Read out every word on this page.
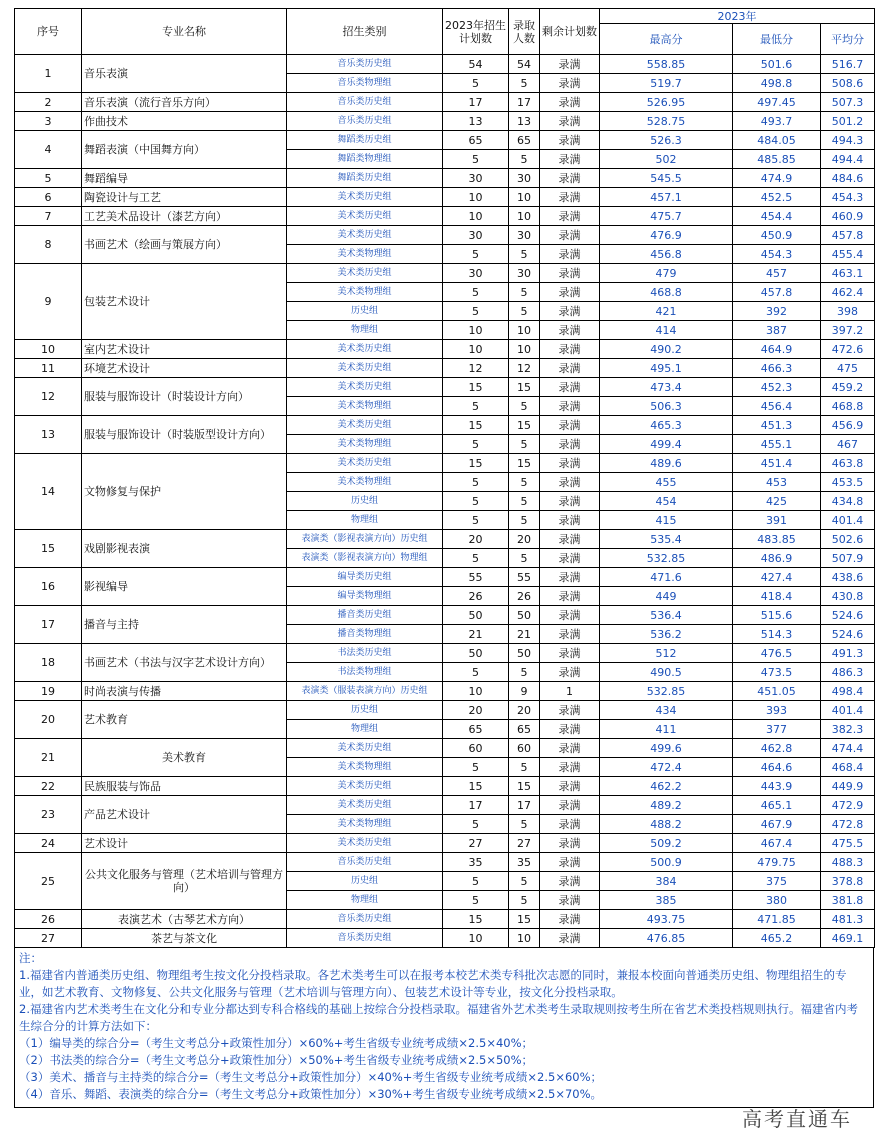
序号	专业名称	招生类别	2023年招生计划数	录取人数	剩余计划数	2023年		
						最高分	最低分	平均分
1	音乐表演	音乐类历史组	54	54	录满	558.85	501.6	516.7
		音乐类物理组	5	5	录满	519.7	498.8	508.6
2	音乐表演（流行音乐方向）	音乐类历史组	17	17	录满	526.95	497.45	507.3
3	作曲技术	音乐类历史组	13	13	录满	528.75	493.7	501.2
4	舞蹈表演（中国舞方向）	舞蹈类历史组	65	65	录满	526.3	484.05	494.3
		舞蹈类物理组	5	5	录满	502	485.85	494.4
5	舞蹈编导	舞蹈类历史组	30	30	录满	545.5	474.9	484.6
6	陶瓷设计与工艺	美术类历史组	10	10	录满	457.1	452.5	454.3
7	工艺美术品设计（漆艺方向）	美术类历史组	10	10	录满	475.7	454.4	460.9
8	书画艺术（绘画与策展方向）	美术类历史组	30	30	录满	476.9	450.9	457.8
		美术类物理组	5	5	录满	456.8	454.3	455.4
9	包装艺术设计	美术类历史组	30	30	录满	479	457	463.1
		美术类物理组	5	5	录满	468.8	457.8	462.4
		历史组	5	5	录满	421	392	398
		物理组	10	10	录满	414	387	397.2
10	室内艺术设计	美术类历史组	10	10	录满	490.2	464.9	472.6
11	环境艺术设计	美术类历史组	12	12	录满	495.1	466.3	475
12	服装与服饰设计（时装设计方向）	美术类历史组	15	15	录满	473.4	452.3	459.2
		美术类物理组	5	5	录满	506.3	456.4	468.8
13	服装与服饰设计（时装版型设计方向）	美术类历史组	15	15	录满	465.3	451.3	456.9
		美术类物理组	5	5	录满	499.4	455.1	467
14	文物修复与保护	美术类历史组	15	15	录满	489.6	451.4	463.8
		美术类物理组	5	5	录满	455	453	453.5
		历史组	5	5	录满	454	425	434.8
		物理组	5	5	录满	415	391	401.4
15	戏剧影视表演	表演类（影视表演方向）历史组	20	20	录满	535.4	483.85	502.6
		表演类（影视表演方向）物理组	5	5	录满	532.85	486.9	507.9
16	影视编导	编导类历史组	55	55	录满	471.6	427.4	438.6
		编导类物理组	26	26	录满	449	418.4	430.8
17	播音与主持	播音类历史组	50	50	录满	536.4	515.6	524.6
		播音类物理组	21	21	录满	536.2	514.3	524.6
18	书画艺术（书法与汉字艺术设计方向）	书法类历史组	50	50	录满	512	476.5	491.3
		书法类物理组	5	5	录满	490.5	473.5	486.3
19	时尚表演与传播	表演类（服装表演方向）历史组	10	9	1	532.85	451.05	498.4
20	艺术教育	历史组	20	20	录满	434	393	401.4
		物理组	65	65	录满	411	377	382.3
21	美术教育	美术类历史组	60	60	录满	499.6	462.8	474.4
		美术类物理组	5	5	录满	472.4	464.6	468.4
22	民族服装与饰品	美术类历史组	15	15	录满	462.2	443.9	449.9
23	产品艺术设计	美术类历史组	17	17	录满	489.2	465.1	472.9
		美术类物理组	5	5	录满	488.2	467.9	472.8
24	艺术设计	美术类历史组	27	27	录满	509.2	467.4	475.5
25	公共文化服务与管理（艺术培训与管理方向）	音乐类历史组	35	35	录满	500.9	479.75	488.3
		历史组	5	5	录满	384	375	378.8
		物理组	5	5	录满	385	380	381.8
26	表演艺术（古琴艺术方向）	音乐类历史组	15	15	录满	493.75	471.85	481.3
27	茶艺与茶文化	音乐类历史组	10	10	录满	476.85	465.2	469.1

注：

1.福建省内普通类历史组、物理组考生按文化分投档录取。各艺术类考生可以在报考本校艺术类专科批次志愿的同时，兼报本校面向普通类历史组、物理组招生的专业，如艺术教育、文物修复、公共文化服务与管理（艺术培训与管理方向）、包装艺术设计等专业，按文化分投档录取。

2.福建省内艺术类考生在文化分和专业分都达到专科合格线的基础上按综合分投档录取。福建省外艺术类考生录取规则按考生所在省艺术类投档规则执行。福建省内考生综合分的计算方法如下：

（1）编导类的综合分=（考生文考总分+政策性加分）×60%+考生省级专业统考成绩×2.5×40%；

（2）书法类的综合分=（考生文考总分+政策性加分）×50%+考生省级专业统考成绩×2.5×50%；

（3）美术、播音与主持类的综合分=（考生文考总分+政策性加分）×40%+考生省级专业统考成绩×2.5×60%；

（4）音乐、舞蹈、表演类的综合分=（考生文考总分+政策性加分）×30%+考生省级专业统考成绩×2.5×70%。

高考直通车
